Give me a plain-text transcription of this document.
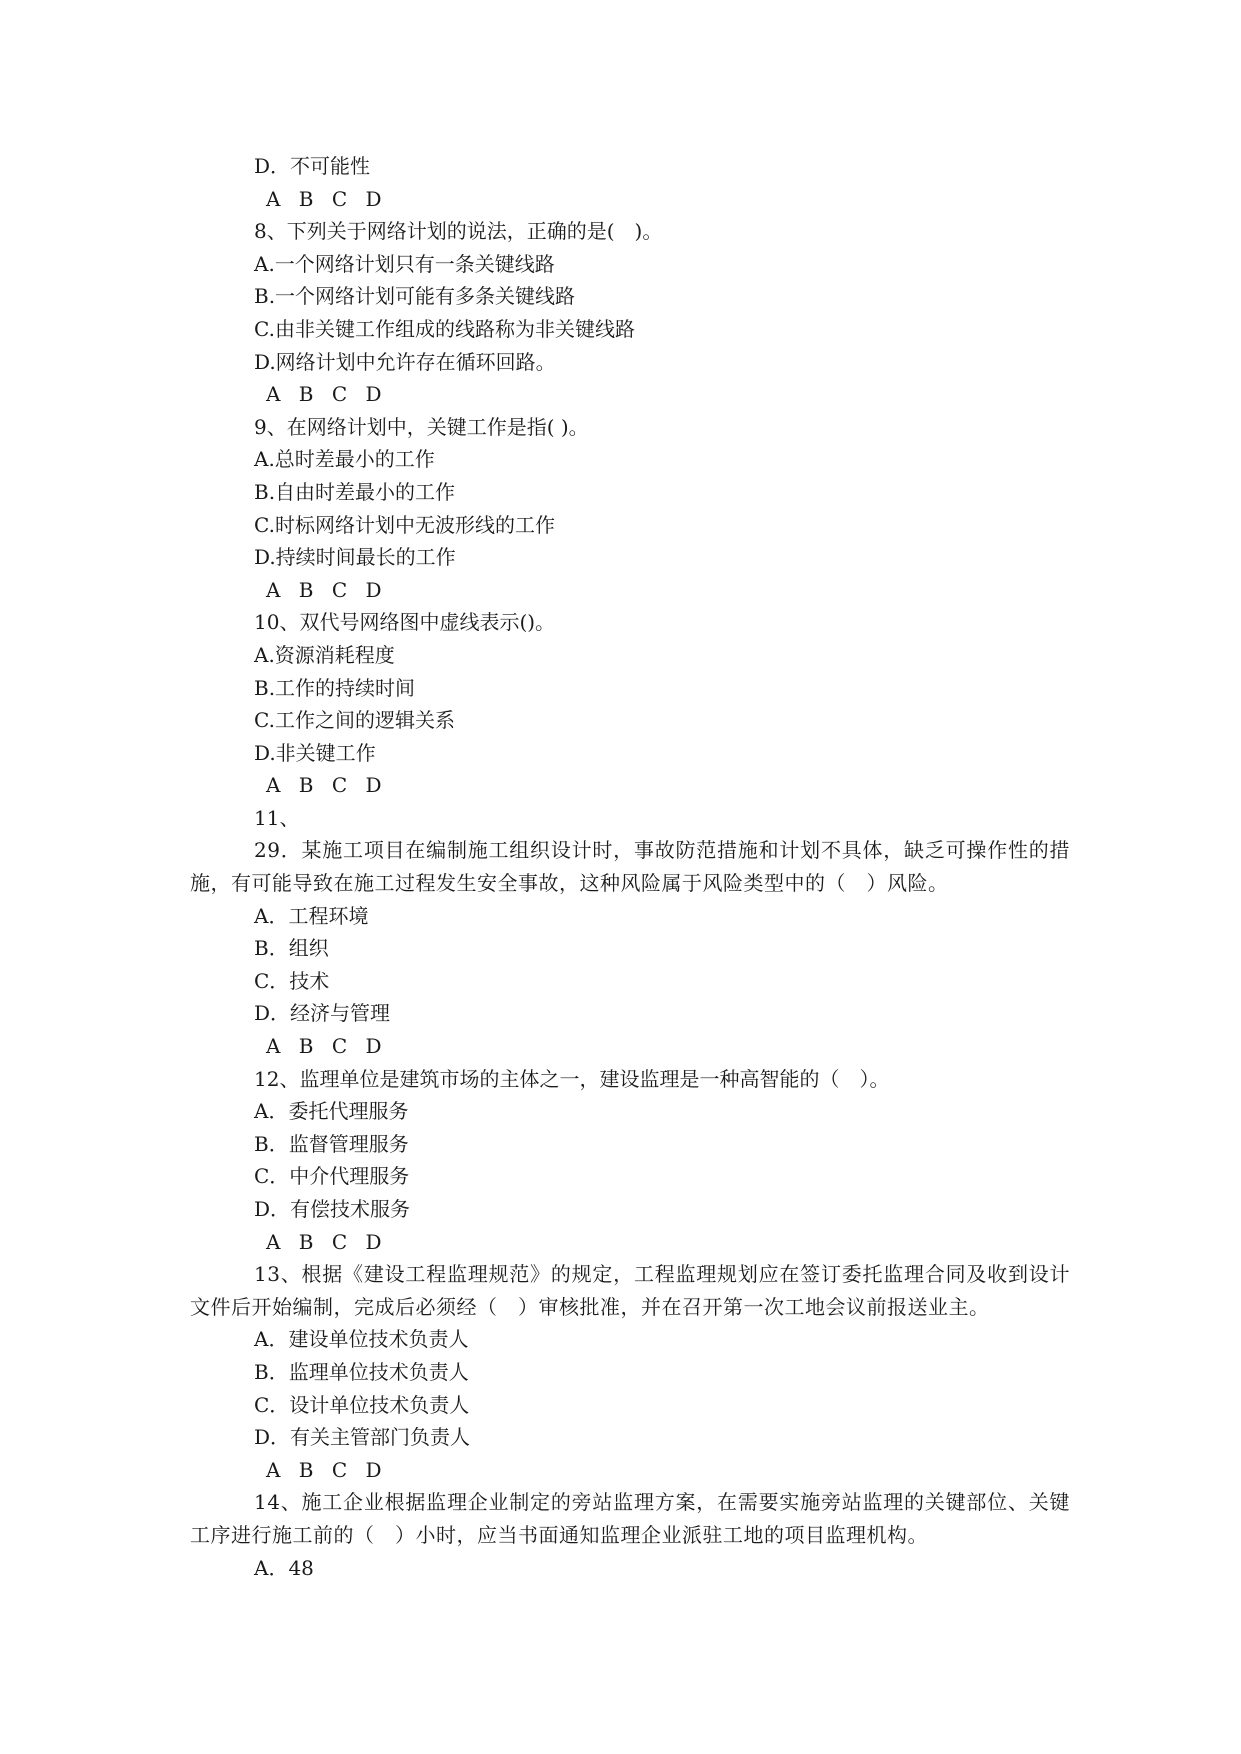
D．不可能性
A B C D
8、下列关于网络计划的说法，正确的是(　)。
A.一个网络计划只有一条关键线路
B.一个网络计划可能有多条关键线路
C.由非关键工作组成的线路称为非关键线路
D.网络计划中允许存在循环回路。
A B C D
9、在网络计划中，关键工作是指( )。
A.总时差最小的工作
B.自由时差最小的工作
C.时标网络计划中无波形线的工作
D.持续时间最长的工作
A B C D
10、双代号网络图中虚线表示()。
A.资源消耗程度
B.工作的持续时间
C.工作之间的逻辑关系
D.非关键工作
A B C D
11、
29．某施工项目在编制施工组织设计时，事故防范措施和计划不具体，缺乏可操作性的措施，有可能导致在施工过程发生安全事故，这种风险属于风险类型中的（　）风险。
A．工程环境
B．组织
C．技术
D．经济与管理
A B C D
12、监理单位是建筑市场的主体之一，建设监理是一种高智能的（　）。
A．委托代理服务
B．监督管理服务
C．中介代理服务
D．有偿技术服务
A B C D
13、根据《建设工程监理规范》的规定，工程监理规划应在签订委托监理合同及收到设计文件后开始编制，完成后必须经（　）审核批准，并在召开第一次工地会议前报送业主。
A．建设单位技术负责人
B．监理单位技术负责人
C．设计单位技术负责人
D．有关主管部门负责人
A B C D
14、施工企业根据监理企业制定的旁站监理方案，在需要实施旁站监理的关键部位、关键工序进行施工前的（　）小时，应当书面通知监理企业派驻工地的项目监理机构。
A．48
